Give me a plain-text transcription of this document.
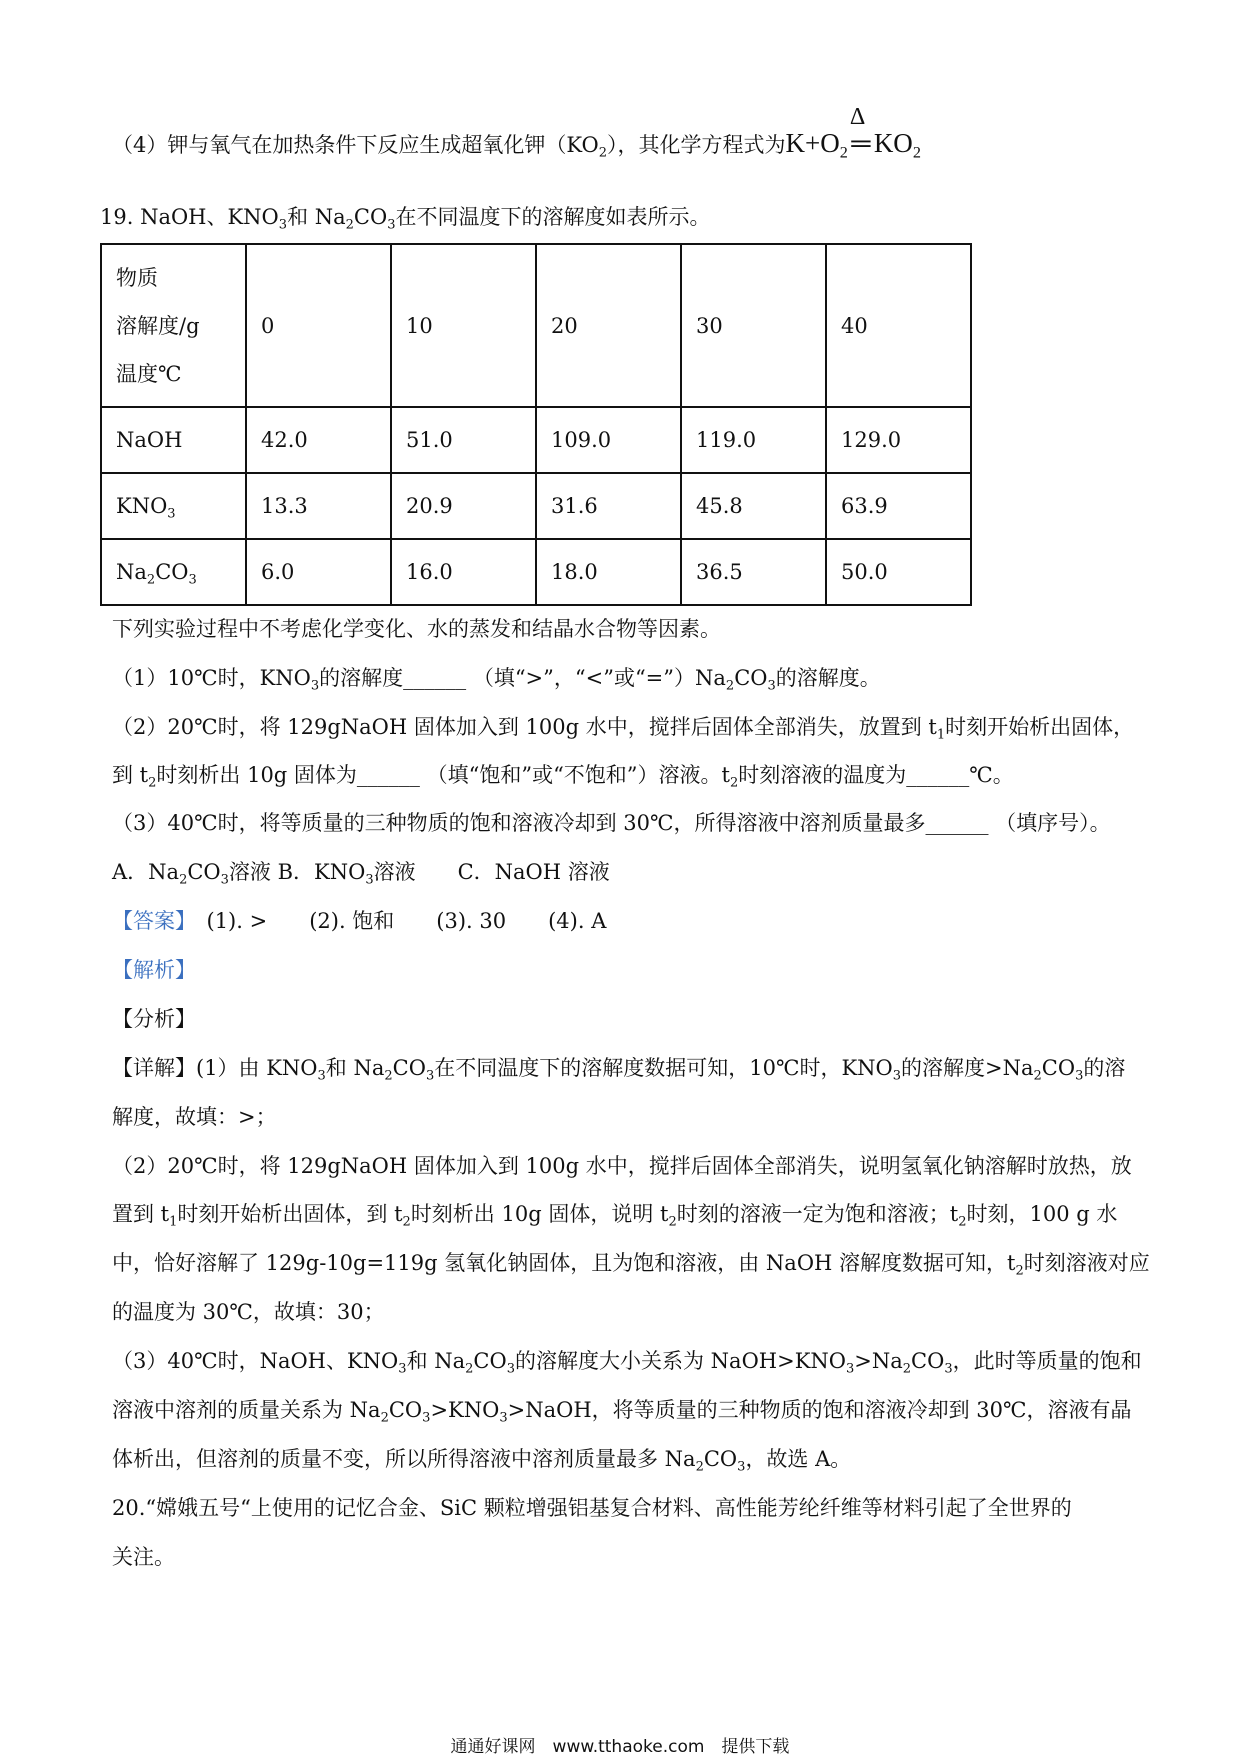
（4）钾与氧气在加热条件下反应生成超氧化钾$(KO_2)$，其化学方程式为$K+O_2$
Δ
═ $KO_2$
19. NaOH、$KNO_3$和 $Na_2CO_3$在不同温度下的溶解度如表所示。
物质
溶解度/g
温度℃	0	10	20	30	40
NaOH	42.0	51.0	109.0	119.0	129.0
$KNO_3$	13.3	20.9	31.6	45.8	63.9
$Na_2CO_3$	6.0	16.0	18.0	36.5	50.0
下列实验过程中不考虑化学变化、水的蒸发和结晶水合物等因素。
（1）10℃时，$KNO_3$的溶解度______ （填“>”，“<”或“$=”)Na_2CO_3$的溶解度。
（2）20℃时，将 129gNaOH 固体加入到 100g 水中，搅拌后固体全部消失，放置到 $t_1$时刻开始析出固体，
到 $t_2$时刻析出 10g 固体为______ （填“饱和”或“不饱和”）溶液。$t_2$时刻溶液的温度为______℃。
（3）40℃时，将等质量的三种物质的饱和溶液冷却到 30℃，所得溶液中溶剂质量最多______ （填序号）。
A．$Na_2CO_3$溶液 B．$KNO_3$溶液　　C．NaOH 溶液
【答案】　(1). >　　(2). 饱和　　(3). 30　　(4). A
【解析】
【分析】
【详解】(1）由 $KNO_3$和 $Na_2CO_3$在不同温度下的溶解度数据可知，10℃时，$KNO_3$的溶解度$>Na_2CO_3$的溶
解度，故填：>；
（2）20℃时，将 129gNaOH 固体加入到 100g 水中，搅拌后固体全部消失，说明氢氧化钠溶解时放热，放
置到 $t_1$时刻开始析出固体，到 $t_2$时刻析出 10g 固体，说明 $t_2$时刻的溶液一定为饱和溶液；$t_2$时刻，100 g 水
中，恰好溶解了 129g-10g=119g 氢氧化钠固体，且为饱和溶液，由 NaOH 溶解度数据可知，$t_2$时刻溶液对应
的温度为 30℃，故填：30；
（3）40℃时，NaOH、$KNO_3$和 $Na_2CO_3$的溶解度大小关系为 $NaOH>KNO_3>Na_2CO_3$，此时等质量的饱和
溶液中溶剂的质量关系为 $Na_2CO_3>KNO_3>NaOH$，将等质量的三种物质的饱和溶液冷却到 30℃，溶液有晶
体析出，但溶剂的质量不变，所以所得溶液中溶剂质量最多 $Na_2CO_3$，故选 A。
20.“嫦娥五号“上使用的记忆合金、SiC 颗粒增强铝基复合材料、高性能芳纶纤维等材料引起了全世界的
关注。
通通好课网　www.tthaoke.com　提供下载
